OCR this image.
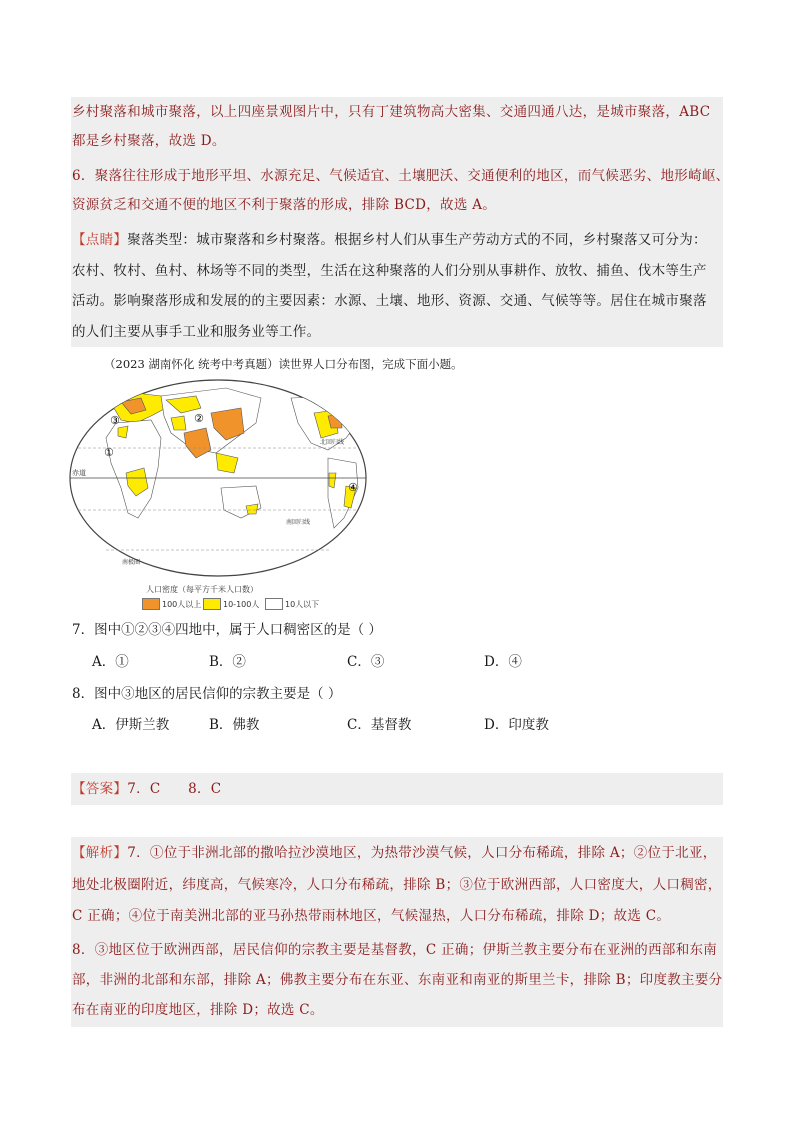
乡村聚落和城市聚落，以上四座景观图片中，只有丁建筑物高大密集、交通四通八达，是城市聚落，ABC
都是乡村聚落，故选 D。
6．聚落往往形成于地形平坦、水源充足、气候适宜、土壤肥沃、交通便利的地区，而气候恶劣、地形崎岖、
资源贫乏和交通不便的地区不利于聚落的形成，排除 BCD，故选 A。
【点睛】聚落类型：城市聚落和乡村聚落。根据乡村人们从事生产劳动方式的不同，乡村聚落又可分为：
农村、牧村、鱼村、林场等不同的类型，生活在这种聚落的人们分别从事耕作、放牧、捕鱼、伐木等生产
活动。影响聚落形成和发展的的主要因素：水源、土壤、地形、资源、交通、气候等等。居住在城市聚落
的人们主要从事手工业和服务业等工作。
（2023 湖南怀化 统考中考真题）读世界人口分布图，完成下面小题。
赤道
北回归线
南回归线
南极圈
①
②
③
④
人口密度（每平方千米人口数）
100人以上	10-100人	10人以下
7．图中①②③④四地中，属于人口稠密区的是（ ）
A．①	B．②	C．③	D．④
8．图中③地区的居民信仰的宗教主要是（ ）
A．伊斯兰教	B．佛教	C．基督教	D．印度教
【答案】7．C      8．C
【解析】7．①位于非洲北部的撒哈拉沙漠地区，为热带沙漠气候，人口分布稀疏，排除 A；②位于北亚，
地处北极圈附近，纬度高，气候寒冷，人口分布稀疏，排除 B；③位于欧洲西部，人口密度大，人口稠密，
C 正确；④位于南美洲北部的亚马孙热带雨林地区，气候湿热，人口分布稀疏，排除 D；故选 C。
8．③地区位于欧洲西部，居民信仰的宗教主要是基督教，C 正确；伊斯兰教主要分布在亚洲的西部和东南
部，非洲的北部和东部，排除 A；佛教主要分布在东亚、东南亚和南亚的斯里兰卡，排除 B；印度教主要分
布在南亚的印度地区，排除 D；故选 C。
